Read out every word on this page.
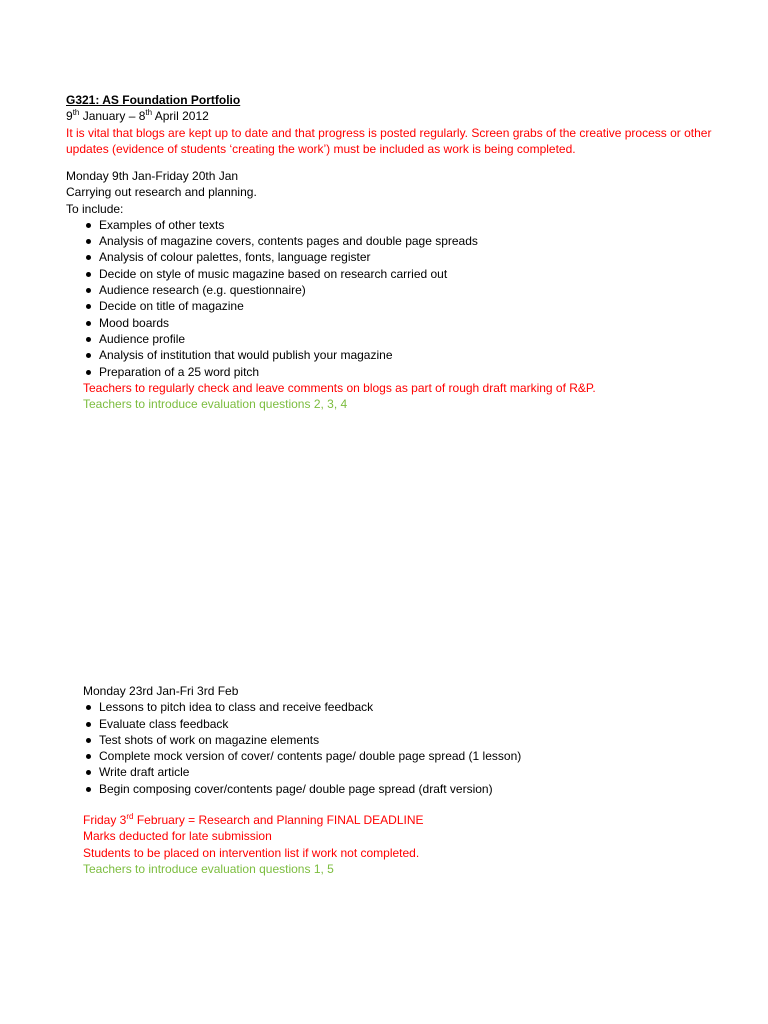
G321: AS Foundation Portfolio
9th January – 8th April 2012
It is vital that blogs are kept up to date and that progress is posted regularly. Screen grabs of the creative process or other updates (evidence of students ‘creating the work’) must be included as work is being completed.
Monday 9th Jan-Friday 20th Jan
Carrying out research and planning.
To include:
Examples of other texts
Analysis of magazine covers, contents pages and double page spreads
Analysis of colour palettes, fonts, language register
Decide on style of music magazine based on research carried out
Audience research (e.g. questionnaire)
Decide on title of magazine
Mood boards
Audience profile
Analysis of institution that would publish your magazine
Preparation of a 25 word pitch
Teachers to regularly check and leave comments on blogs as part of rough draft marking of R&P.
Teachers to introduce evaluation questions 2, 3, 4
Monday 23rd Jan-Fri 3rd Feb
Lessons to pitch idea to class and receive feedback
Evaluate class feedback
Test shots of work on magazine elements
Complete mock version of cover/ contents page/ double page spread (1 lesson)
Write draft article
Begin composing cover/contents page/ double page spread (draft version)
Friday 3rd February = Research and Planning FINAL DEADLINE
Marks deducted for late submission
Students to be placed on intervention list if work not completed.
Teachers to introduce evaluation questions 1, 5
